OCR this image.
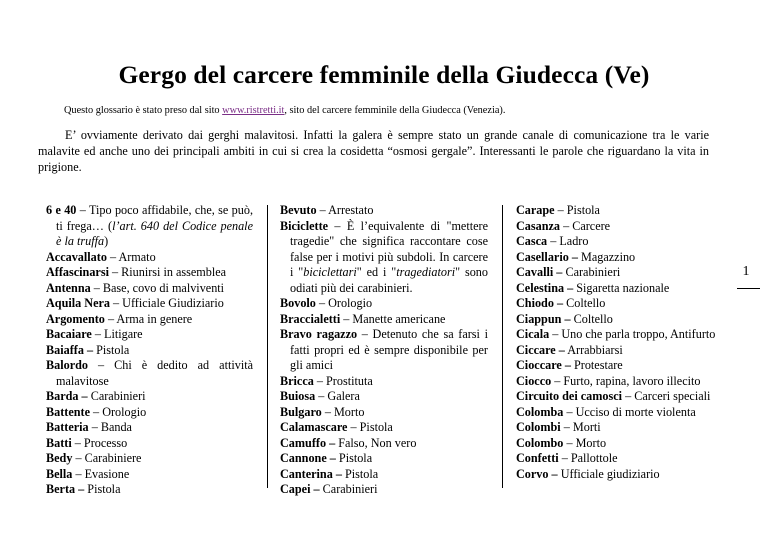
Gergo del carcere femminile della Giudecca (Ve)
Questo glossario è stato preso dal sito www.ristretti.it, sito del carcere femminile della Giudecca (Venezia).
E’ ovviamente derivato dai gerghi malavitosi. Infatti la galera è sempre stato un grande canale di comunicazione tra le varie malavite ed anche uno dei principali ambiti in cui si crea la cosidetta “osmosi gergale”. Interessanti le parole che riguardano la vita in prigione.

6 e 40 – Tipo poco affidabile, che, se può, ti frega… (l’art. 640 del Codice penale è la truffa)

Accavallato – Armato

Affascinarsi – Riunirsi in assemblea

Antenna – Base, covo di malviventi

Aquila Nera – Ufficiale Giudiziario

Argomento – Arma in genere

Bacaiare – Litigare

Baiaffa – Pistola

Balordo – Chi è dedito ad attività malavitose

Barda – Carabinieri

Battente – Orologio

Batteria – Banda

Batti – Processo

Bedy – Carabiniere

Bella – Evasione

Berta – Pistola

Bevuto – Arrestato

Biciclette – È l’equivalente di "mettere tragedie" che significa raccontare cose false per i motivi più subdoli. In carcere i "biciclettari" ed i "tragediatori" sono odiati più dei carabinieri.

Bovolo – Orologio

Braccialetti – Manette americane

Bravo ragazzo – Detenuto che sa farsi i fatti propri ed è sempre disponibile per gli amici

Bricca – Prostituta

Buiosa – Galera

Bulgaro – Morto

Calamascare – Pistola

Camuffo – Falso, Non vero

Cannone – Pistola

Canterina – Pistola

Capei – Carabinieri

Carape – Pistola

Casanza – Carcere

Casca – Ladro

Casellario – Magazzino

Cavalli – Carabinieri

Celestina – Sigaretta nazionale

Chiodo – Coltello

Ciappun – Coltello

Cicala – Uno che parla troppo, Antifurto

Ciccare – Arrabbiarsi

Cioccare – Protestare

Ciocco – Furto, rapina, lavoro illecito

Circuito dei camosci – Carceri speciali

Colomba – Ucciso di morte violenta

Colombi – Morti

Colombo – Morto

Confetti – Pallottole

Corvo – Ufficiale giudiziario

1
